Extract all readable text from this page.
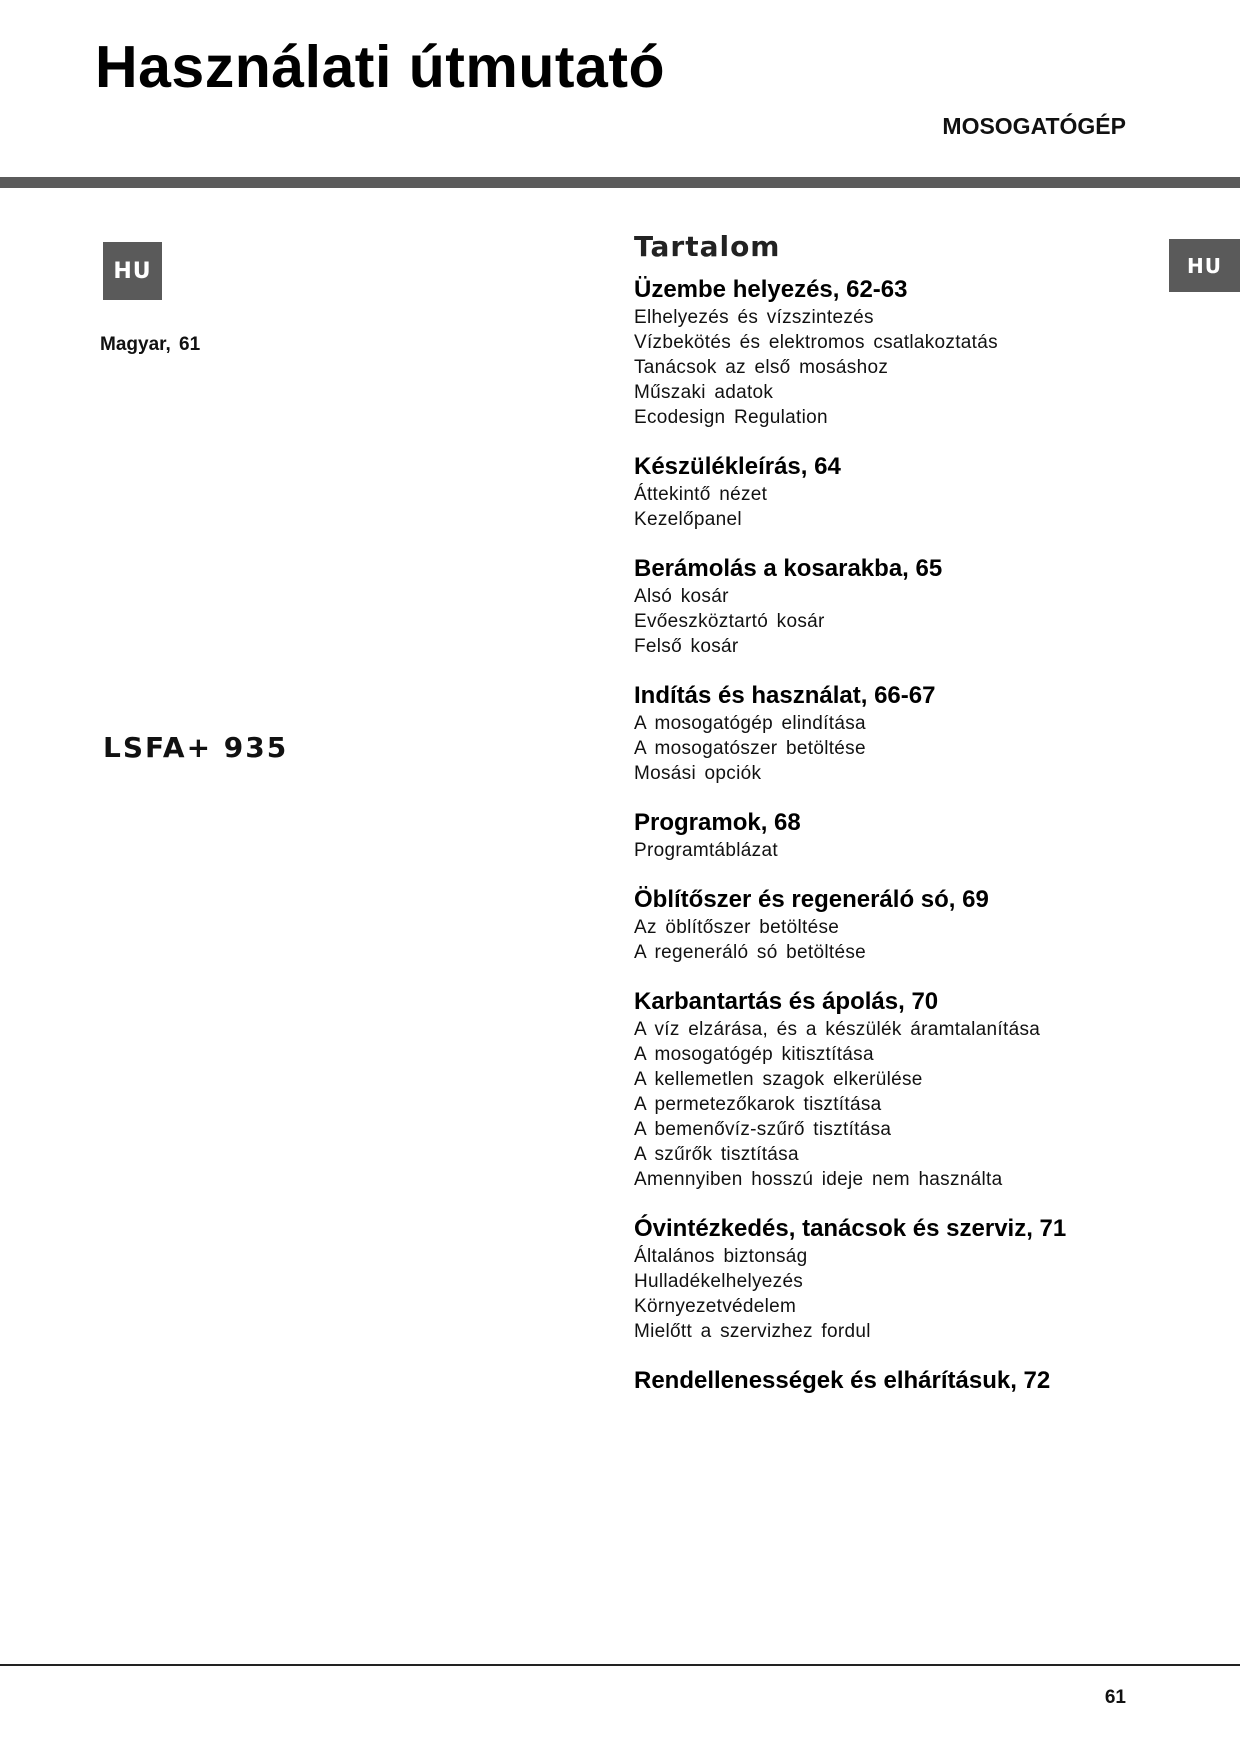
Használati útmutató
MOSOGATÓGÉP
HU
Magyar, 61
LSFA+ 935
HU
Tartalom
Üzembe helyezés, 62-63
Elhelyezés és vízszintezés
Vízbekötés és elektromos csatlakoztatás
Tanácsok az első mosáshoz
Műszaki adatok
Ecodesign Regulation
Készülékleírás, 64
Áttekintő nézet
Kezelőpanel
Berámolás a kosarakba, 65
Alsó kosár
Evőeszköztartó kosár
Felső kosár
Indítás és használat, 66-67
A mosogatógép elindítása
A mosogatószer betöltése
Mosási opciók
Programok, 68
Programtáblázat
Öblítőszer és regeneráló só, 69
Az öblítőszer betöltése
A regeneráló só betöltése
Karbantartás és ápolás, 70
A víz elzárása, és a készülék áramtalanítása
A mosogatógép kitisztítása
A kellemetlen szagok elkerülése
A permetezőkarok tisztítása
A bemenővíz-szűrő tisztítása
A szűrők tisztítása
Amennyiben hosszú ideje nem használta
Óvintézkedés, tanácsok és szerviz, 71
Általános biztonság
Hulladékelhelyezés
Környezetvédelem
Mielőtt a szervizhez fordul
Rendellenességek és elhárításuk, 72
61
